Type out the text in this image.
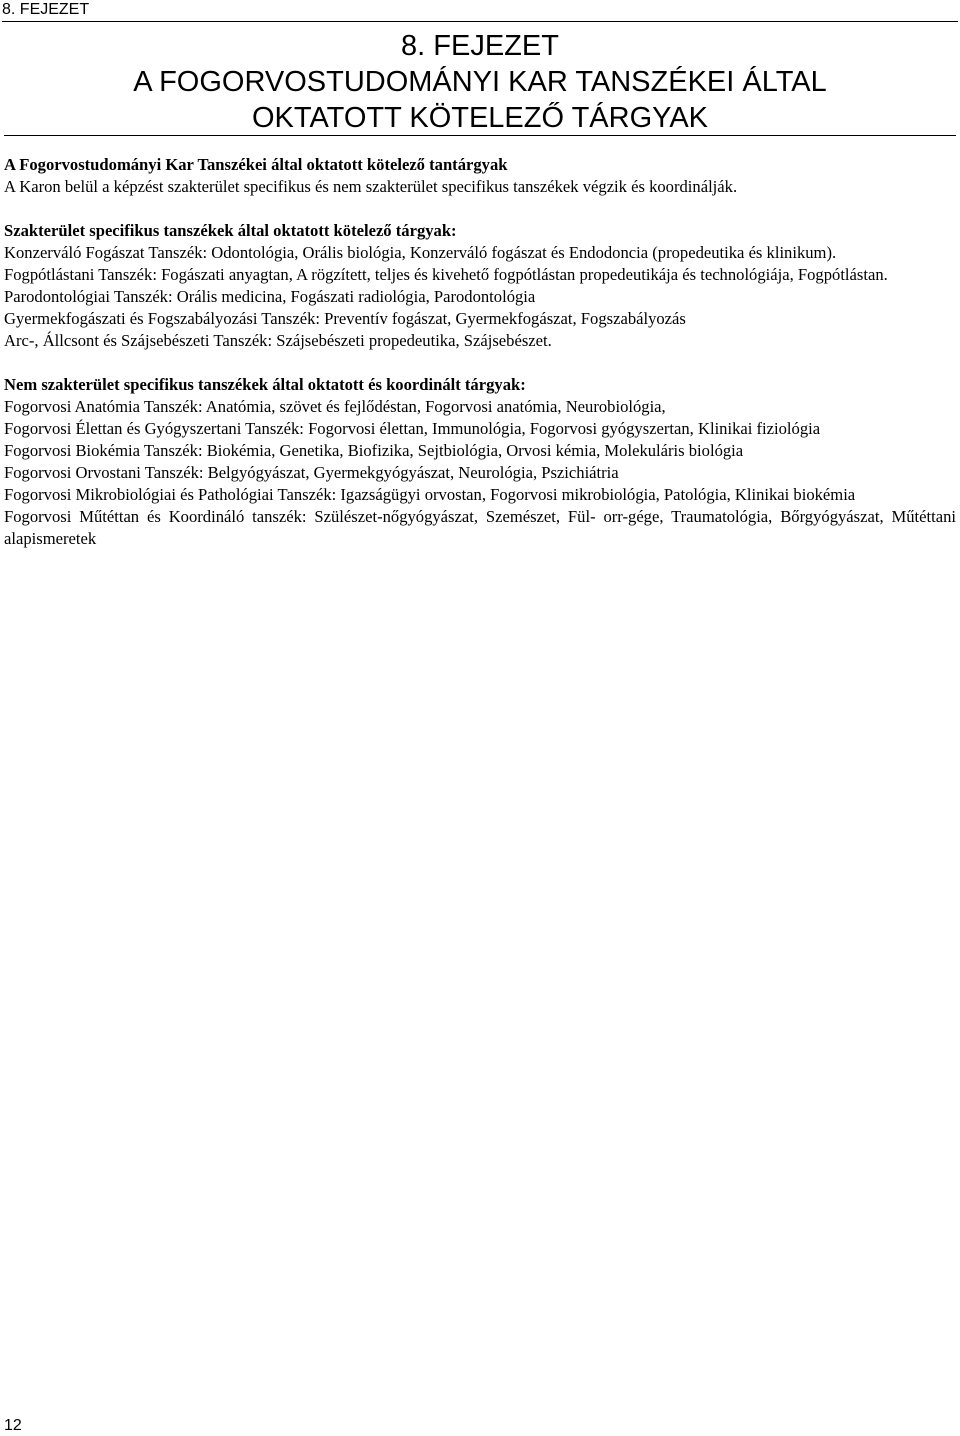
8. FEJEZET
8. FEJEZET
A FOGORVOSTUDOMÁNYI KAR TANSZÉKEI ÁLTAL
OKTATOTT KÖTELEZŐ TÁRGYAK

A Fogorvostudományi Kar Tanszékei által oktatott kötelező tantárgyak

A Karon belül a képzést szakterület specifikus és nem szakterület specifikus tanszékek végzik és koordinálják.

Szakterület specifikus tanszékek által oktatott kötelező tárgyak:

Konzerváló Fogászat Tanszék: Odontológia, Orális biológia, Konzerváló fogászat és Endodoncia (propedeutika és klinikum).

Fogpótlástani Tanszék: Fogászati anyagtan, A rögzített, teljes és kivehető fogpótlástan propedeutikája és technológiája, Fogpótlástan.

Parodontológiai Tanszék: Orális medicina, Fogászati radiológia, Parodontológia

Gyermekfogászati és Fogszabályozási Tanszék: Preventív fogászat, Gyermekfogászat, Fogszabályozás

Arc-, Állcsont és Szájsebészeti Tanszék: Szájsebészeti propedeutika, Szájsebészet.

Nem szakterület specifikus tanszékek által oktatott és koordinált tárgyak:

Fogorvosi Anatómia Tanszék: Anatómia, szövet és fejlődéstan, Fogorvosi anatómia, Neurobiológia,

Fogorvosi Élettan és Gyógyszertani Tanszék: Fogorvosi élettan, Immunológia, Fogorvosi gyógyszertan, Klinikai fiziológia

Fogorvosi Biokémia Tanszék: Biokémia, Genetika, Biofizika, Sejtbiológia, Orvosi kémia, Molekuláris biológia

Fogorvosi Orvostani Tanszék: Belgyógyászat, Gyermekgyógyászat, Neurológia, Pszichiátria

Fogorvosi Mikrobiológiai és Pathológiai Tanszék: Igazságügyi orvostan, Fogorvosi mikrobiológia, Patológia, Klinikai biokémia

Fogorvosi Műtéttan és Koordináló tanszék: Szülészet-nőgyógyászat, Szemészet, Fül- orr-gége, Traumatológia, Bőrgyógyászat, Műtéttani alapismeretek

12
